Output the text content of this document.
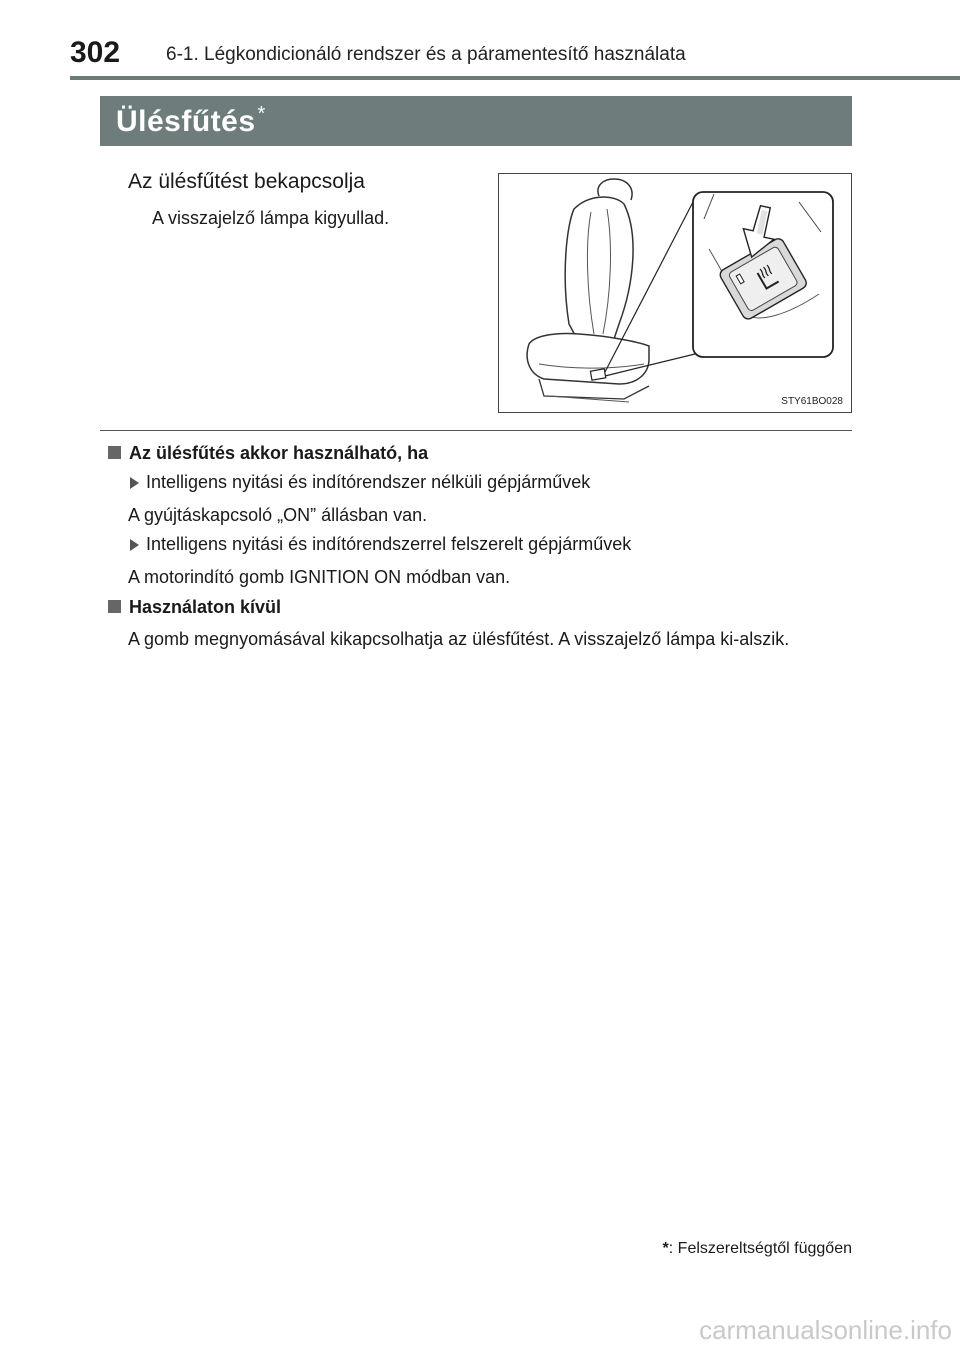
302 6-1. Légkondicionáló rendszer és a páramentesítő használata
Ülésfűtés *
Az ülésfűtést bekapcsolja
A visszajelző lámpa kigyullad.
STY61BO028
Az ülésfűtés akkor használható, ha
Intelligens nyitási és indítórendszer nélküli gépjárművek
A gyújtáskapcsoló „ON” állásban van.
Intelligens nyitási és indítórendszerrel felszerelt gépjárművek
A motorindító gomb IGNITION ON módban van.
Használaton kívül
A gomb megnyomásával kikapcsolhatja az ülésfűtést. A visszajelző lámpa ki-alszik.
*: Felszereltségtől függően
carmanualsonline.info
